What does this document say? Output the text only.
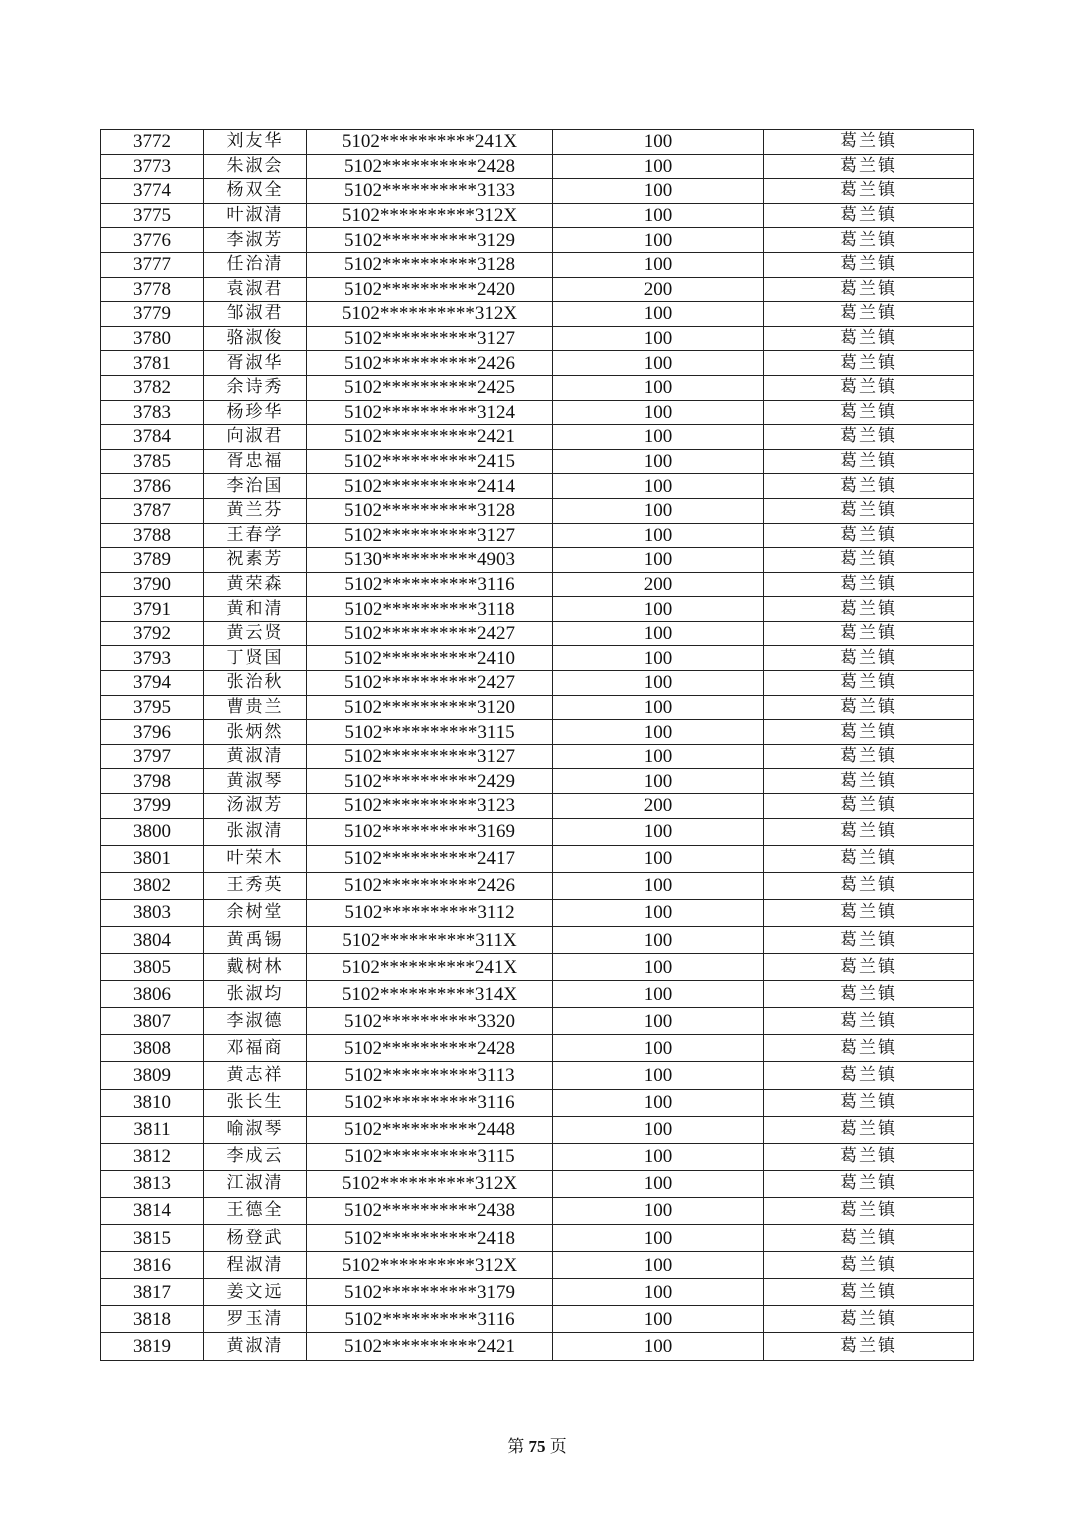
3772	刘友华	5102**********241X	100	葛兰镇
3773	朱淑会	5102**********2428	100	葛兰镇
3774	杨双全	5102**********3133	100	葛兰镇
3775	叶淑清	5102**********312X	100	葛兰镇
3776	李淑芳	5102**********3129	100	葛兰镇
3777	任治清	5102**********3128	100	葛兰镇
3778	袁淑君	5102**********2420	200	葛兰镇
3779	邹淑君	5102**********312X	100	葛兰镇
3780	骆淑俊	5102**********3127	100	葛兰镇
3781	胥淑华	5102**********2426	100	葛兰镇
3782	余诗秀	5102**********2425	100	葛兰镇
3783	杨珍华	5102**********3124	100	葛兰镇
3784	向淑君	5102**********2421	100	葛兰镇
3785	胥忠福	5102**********2415	100	葛兰镇
3786	李治国	5102**********2414	100	葛兰镇
3787	黄兰芬	5102**********3128	100	葛兰镇
3788	王春学	5102**********3127	100	葛兰镇
3789	祝素芳	5130**********4903	100	葛兰镇
3790	黄荣森	5102**********3116	200	葛兰镇
3791	黄和清	5102**********3118	100	葛兰镇
3792	黄云贤	5102**********2427	100	葛兰镇
3793	丁贤国	5102**********2410	100	葛兰镇
3794	张治秋	5102**********2427	100	葛兰镇
3795	曹贵兰	5102**********3120	100	葛兰镇
3796	张炳然	5102**********3115	100	葛兰镇
3797	黄淑清	5102**********3127	100	葛兰镇
3798	黄淑琴	5102**********2429	100	葛兰镇
3799	汤淑芳	5102**********3123	200	葛兰镇
3800	张淑清	5102**********3169	100	葛兰镇
3801	叶荣木	5102**********2417	100	葛兰镇
3802	王秀英	5102**********2426	100	葛兰镇
3803	余树堂	5102**********3112	100	葛兰镇
3804	黄禹锡	5102**********311X	100	葛兰镇
3805	戴树林	5102**********241X	100	葛兰镇
3806	张淑均	5102**********314X	100	葛兰镇
3807	李淑德	5102**********3320	100	葛兰镇
3808	邓福商	5102**********2428	100	葛兰镇
3809	黄志祥	5102**********3113	100	葛兰镇
3810	张长生	5102**********3116	100	葛兰镇
3811	喻淑琴	5102**********2448	100	葛兰镇
3812	李成云	5102**********3115	100	葛兰镇
3813	江淑清	5102**********312X	100	葛兰镇
3814	王德全	5102**********2438	100	葛兰镇
3815	杨登武	5102**********2418	100	葛兰镇
3816	程淑清	5102**********312X	100	葛兰镇
3817	姜文远	5102**********3179	100	葛兰镇
3818	罗玉清	5102**********3116	100	葛兰镇
3819	黄淑清	5102**********2421	100	葛兰镇
第 75 页
